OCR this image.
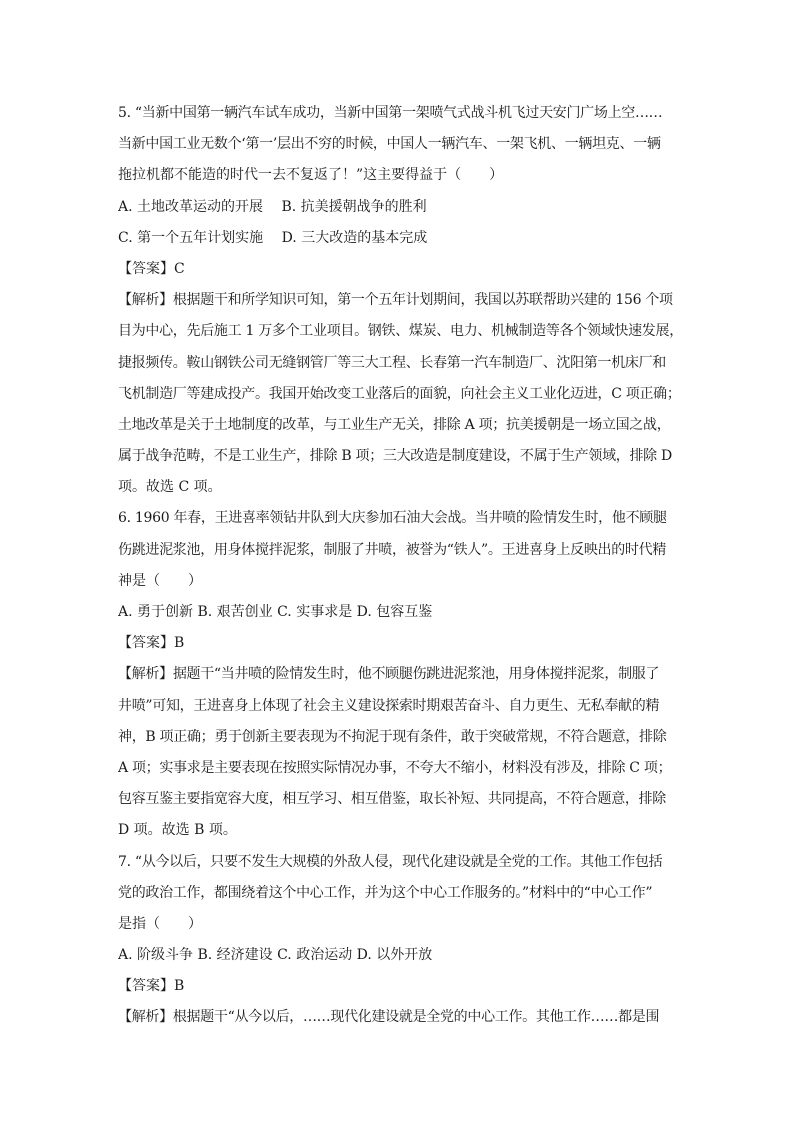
5. “当新中国第一辆汽车试车成功，当新中国第一架喷气式战斗机飞过天安门广场上空……
当新中国工业无数个‘第一’层出不穷的时候，中国人一辆汽车、一架飞机、一辆坦克、一辆
拖拉机都不能造的时代一去不复返了！”这主要得益于（　　）
A. 土地改革运动的开展　 B. 抗美援朝战争的胜利
C. 第一个五年计划实施　 D. 三大改造的基本完成
【答案】C
【解析】根据题干和所学知识可知，第一个五年计划期间，我国以苏联帮助兴建的 156 个项
目为中心，先后施工 1 万多个工业项目。钢铁、煤炭、电力、机械制造等各个领域快速发展，
捷报频传。鞍山钢铁公司无缝钢管厂等三大工程、长春第一汽车制造厂、沈阳第一机床厂和
飞机制造厂等建成投产。我国开始改变工业落后的面貌，向社会主义工业化迈进，C 项正确；
土地改革是关于土地制度的改革，与工业生产无关，排除 A 项；抗美援朝是一场立国之战，
属于战争范畴，不是工业生产，排除 B 项；三大改造是制度建设，不属于生产领域，排除 D
项。故选 C 项。
6. 1960 年春，王进喜率领钻井队到大庆参加石油大会战。当井喷的险情发生时，他不顾腿
伤跳进泥浆池，用身体搅拌泥浆，制服了井喷，被誉为“铁人”。王进喜身上反映出的时代精
神是（　　）
A. 勇于创新 B. 艰苦创业 C. 实事求是 D. 包容互鉴
【答案】B
【解析】据题干“当井喷的险情发生时，他不顾腿伤跳进泥浆池，用身体搅拌泥浆，制服了
井喷”可知，王进喜身上体现了社会主义建设探索时期艰苦奋斗、自力更生、无私奉献的精
神，B 项正确；勇于创新主要表现为不拘泥于现有条件，敢于突破常规，不符合题意，排除
A 项；实事求是主要表现在按照实际情况办事，不夸大不缩小，材料没有涉及，排除 C 项；
包容互鉴主要指宽容大度，相互学习、相互借鉴，取长补短、共同提高，不符合题意，排除
D 项。故选 B 项。
7. “从今以后，只要不发生大规模的外敌人侵，现代化建设就是全党的工作。其他工作包括
党的政治工作，都围绕着这个中心工作，并为这个中心工作服务的。”材料中的“中心工作”
是指（　　）
A. 阶级斗争 B. 经济建设 C. 政治运动 D. 以外开放
【答案】B
【解析】根据题干“从今以后，……现代化建设就是全党的中心工作。其他工作……都是围
